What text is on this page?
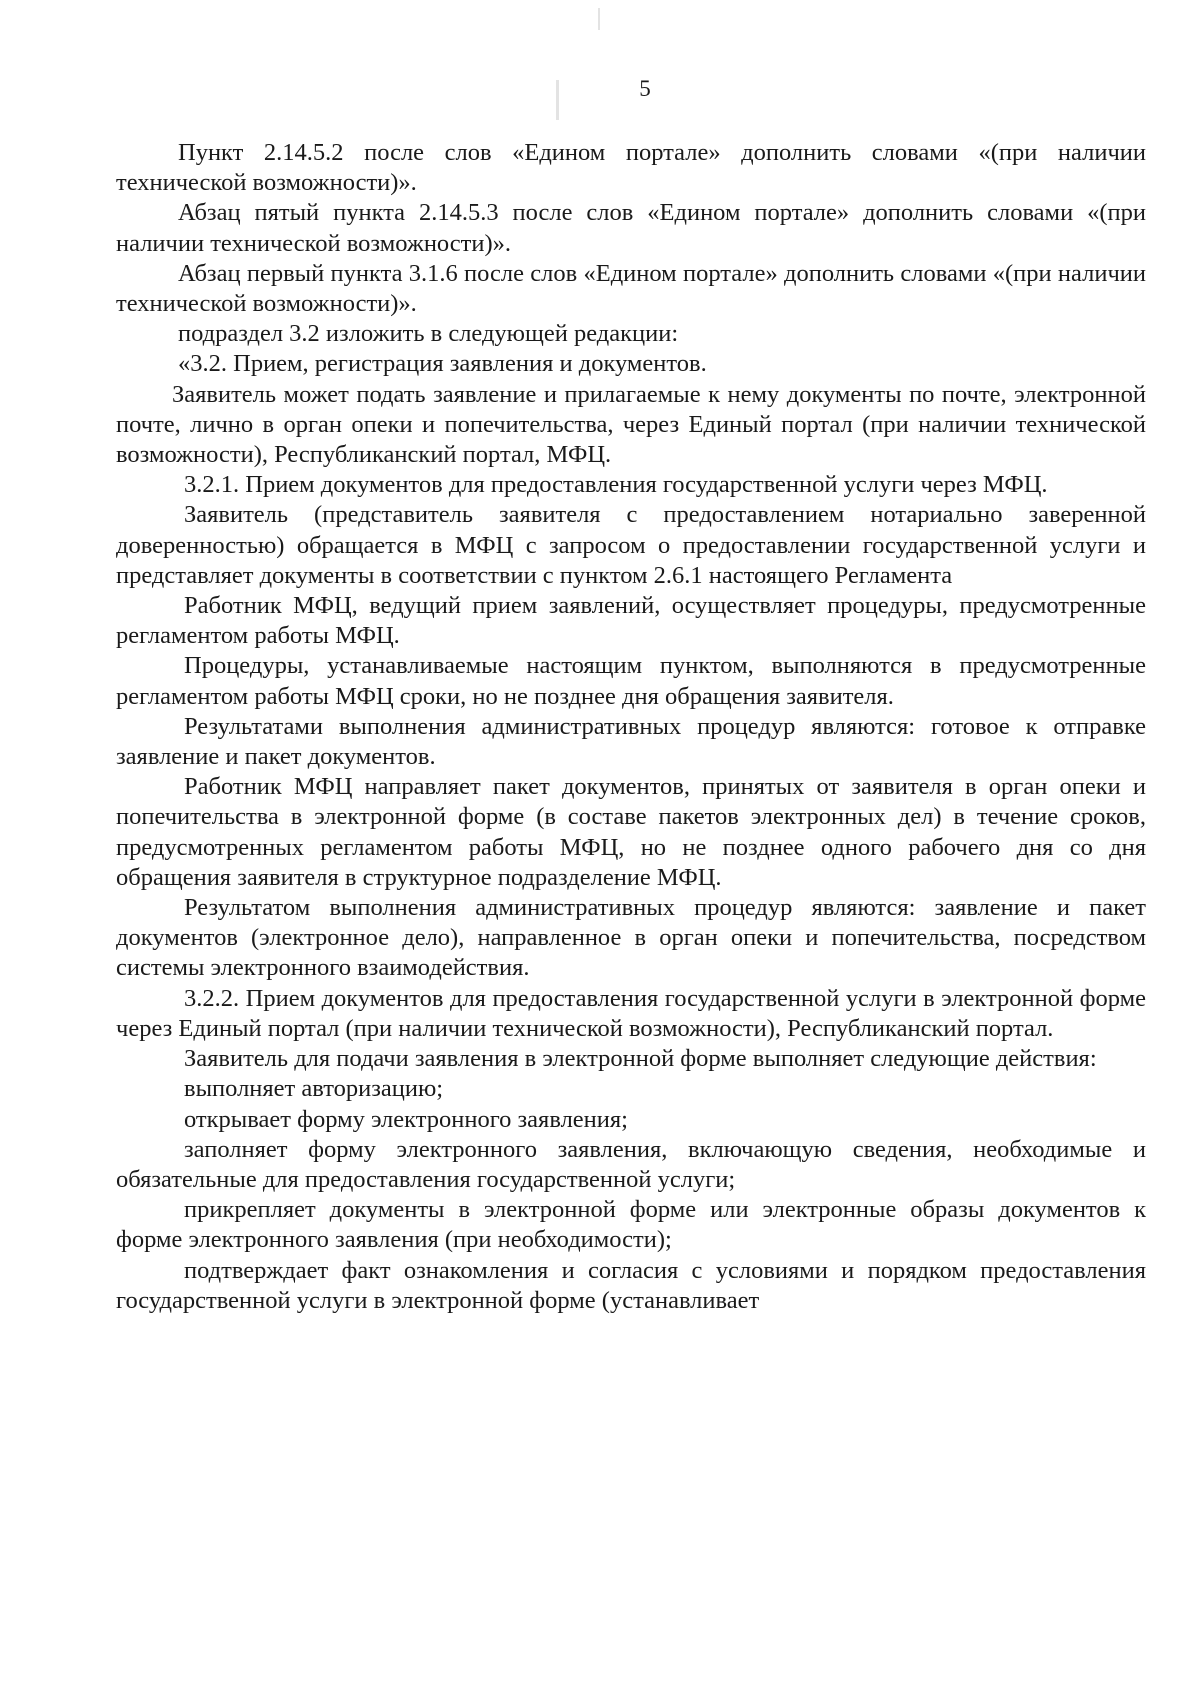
5

Пункт 2.14.5.2 после слов «Едином портале» дополнить словами «(при наличии технической возможности)».

Абзац пятый пункта 2.14.5.3 после слов «Едином портале» дополнить словами «(при наличии технической возможности)».

Абзац первый пункта 3.1.6 после слов «Едином портале» дополнить словами «(при наличии технической возможности)».

подраздел 3.2 изложить в следующей редакции:

«3.2. Прием, регистрация заявления и документов.

Заявитель может подать заявление и прилагаемые к нему документы по почте, электронной почте, лично в орган опеки и попечительства, через Единый портал (при наличии технической возможности), Республиканский портал, МФЦ.

3.2.1. Прием документов для предоставления государственной услуги через МФЦ.

Заявитель (представитель заявителя с предоставлением нотариально заверенной доверенностью) обращается в МФЦ с запросом о предоставлении государственной услуги и представляет документы в соответствии с пунктом 2.6.1 настоящего Регламента

Работник МФЦ, ведущий прием заявлений, осуществляет процедуры, предусмотренные регламентом работы МФЦ.

Процедуры, устанавливаемые настоящим пунктом, выполняются в предусмотренные регламентом работы МФЦ сроки, но не позднее дня обращения заявителя.

Результатами выполнения административных процедур являются: готовое к отправке заявление и пакет документов.

Работник МФЦ направляет пакет документов, принятых от заявителя в орган опеки и попечительства в электронной форме (в составе пакетов электронных дел) в течение сроков, предусмотренных регламентом работы МФЦ, но не позднее одного рабочего дня со дня обращения заявителя в структурное подразделение МФЦ.

Результатом выполнения административных процедур являются: заявление и пакет документов (электронное дело), направленное в орган опеки и попечительства, посредством системы электронного взаимодействия.

3.2.2. Прием документов для предоставления государственной услуги в электронной форме через Единый портал (при наличии технической возможности), Республиканский портал.

Заявитель для подачи заявления в электронной форме выполняет следующие действия:

выполняет авторизацию;

открывает форму электронного заявления;

заполняет форму электронного заявления, включающую сведения, необходимые и обязательные для предоставления государственной услуги;

прикрепляет документы в электронной форме или электронные образы документов к форме электронного заявления (при необходимости);

подтверждает факт ознакомления и согласия с условиями и порядком предоставления государственной услуги в электронной форме (устанавливает
